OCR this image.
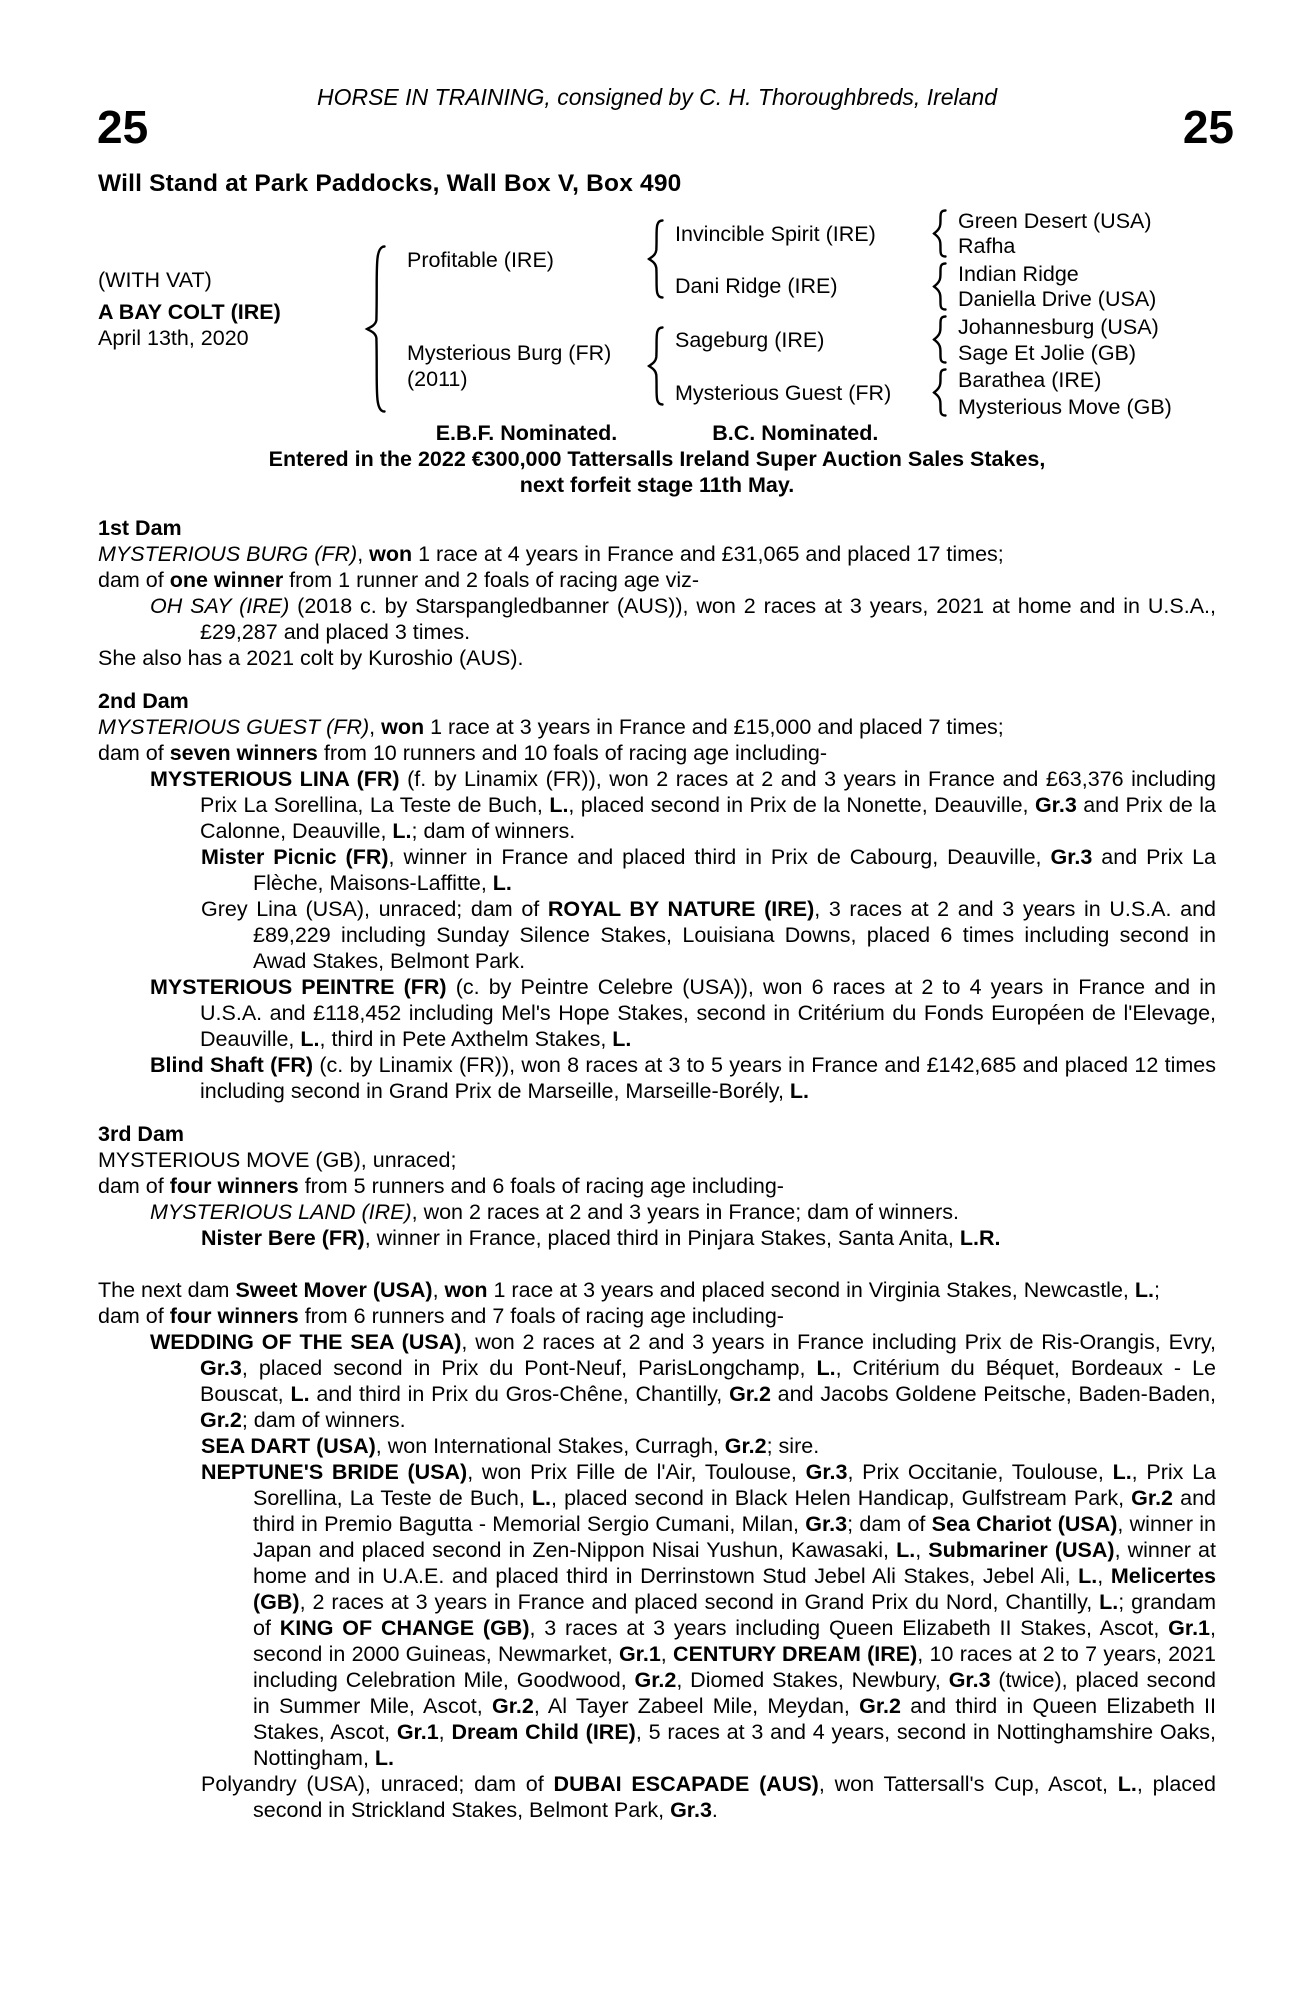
HORSE IN TRAINING, consigned by C. H. Thoroughbreds, Ireland
25	25
Will Stand at Park Paddocks, Wall Box V, Box 490
(WITH VAT)
A BAY COLT (IRE)
April 13th, 2020
Profitable (IRE)
Mysterious Burg (FR)
(2011)
Invincible Spirit (IRE)
Dani Ridge (IRE)
Sageburg (IRE)
Mysterious Guest (FR)
Green Desert (USA)
Rafha
Indian Ridge
Daniella Drive (USA)
Johannesburg (USA)
Sage Et Jolie (GB)
Barathea (IRE)
Mysterious Move (GB)
E.B.F. Nominated.	B.C. Nominated.
Entered in the 2022 €300,000 Tattersalls Ireland Super Auction Sales Stakes,
next forfeit stage 11th May.
1st Dam

MYSTERIOUS BURG (FR), won 1 race at 4 years in France and £31,065 and placed 17 times;

dam of one winner from 1 runner and 2 foals of racing age viz-

OH SAY (IRE) (2018 c. by Starspangledbanner (AUS)), won 2 races at 3 years, 2021 at home and in U.S.A., £29,287 and placed 3 times.

She also has a 2021 colt by Kuroshio (AUS).

2nd Dam

MYSTERIOUS GUEST (FR), won 1 race at 3 years in France and £15,000 and placed 7 times;

dam of seven winners from 10 runners and 10 foals of racing age including-

MYSTERIOUS LINA (FR) (f. by Linamix (FR)), won 2 races at 2 and 3 years in France and £63,376 including Prix La Sorellina, La Teste de Buch, L., placed second in Prix de la Nonette, Deauville, Gr.3 and Prix de la Calonne, Deauville, L.; dam of winners.

Mister Picnic (FR), winner in France and placed third in Prix de Cabourg, Deauville, Gr.3 and Prix La Flèche, Maisons-Laffitte, L.

Grey Lina (USA), unraced; dam of ROYAL BY NATURE (IRE), 3 races at 2 and 3 years in U.S.A. and £89,229 including Sunday Silence Stakes, Louisiana Downs, placed 6 times including second in Awad Stakes, Belmont Park.

MYSTERIOUS PEINTRE (FR) (c. by Peintre Celebre (USA)), won 6 races at 2 to 4 years in France and in U.S.A. and £118,452 including Mel's Hope Stakes, second in Critérium du Fonds Européen de l'Elevage, Deauville, L., third in Pete Axthelm Stakes, L.

Blind Shaft (FR) (c. by Linamix (FR)), won 8 races at 3 to 5 years in France and £142,685 and placed 12 times including second in Grand Prix de Marseille, Marseille-Borély, L.

3rd Dam

MYSTERIOUS MOVE (GB), unraced;

dam of four winners from 5 runners and 6 foals of racing age including-

MYSTERIOUS LAND (IRE), won 2 races at 2 and 3 years in France; dam of winners.

Nister Bere (FR), winner in France, placed third in Pinjara Stakes, Santa Anita, L.R.

The next dam Sweet Mover (USA), won 1 race at 3 years and placed second in Virginia Stakes, Newcastle, L.;

dam of four winners from 6 runners and 7 foals of racing age including-

WEDDING OF THE SEA (USA), won 2 races at 2 and 3 years in France including Prix de Ris-Orangis, Evry, Gr.3, placed second in Prix du Pont-Neuf, ParisLongchamp, L., Critérium du Béquet, Bordeaux - Le Bouscat, L. and third in Prix du Gros-Chêne, Chantilly, Gr.2 and Jacobs Goldene Peitsche, Baden-Baden, Gr.2; dam of winners.

SEA DART (USA), won International Stakes, Curragh, Gr.2; sire.

NEPTUNE'S BRIDE (USA), won Prix Fille de l'Air, Toulouse, Gr.3, Prix Occitanie, Toulouse, L., Prix La Sorellina, La Teste de Buch, L., placed second in Black Helen Handicap, Gulfstream Park, Gr.2 and third in Premio Bagutta - Memorial Sergio Cumani, Milan, Gr.3; dam of Sea Chariot (USA), winner in Japan and placed second in Zen-Nippon Nisai Yushun, Kawasaki, L., Submariner (USA), winner at home and in U.A.E. and placed third in Derrinstown Stud Jebel Ali Stakes, Jebel Ali, L., Melicertes (GB), 2 races at 3 years in France and placed second in Grand Prix du Nord, Chantilly, L.; grandam of KING OF CHANGE (GB), 3 races at 3 years including Queen Elizabeth II Stakes, Ascot, Gr.1, second in 2000 Guineas, Newmarket, Gr.1, CENTURY DREAM (IRE), 10 races at 2 to 7 years, 2021 including Celebration Mile, Goodwood, Gr.2, Diomed Stakes, Newbury, Gr.3 (twice), placed second in Summer Mile, Ascot, Gr.2, Al Tayer Zabeel Mile, Meydan, Gr.2 and third in Queen Elizabeth II Stakes, Ascot, Gr.1, Dream Child (IRE), 5 races at 3 and 4 years, second in Nottinghamshire Oaks, Nottingham, L.

Polyandry (USA), unraced; dam of DUBAI ESCAPADE (AUS), won Tattersall's Cup, Ascot, L., placed second in Strickland Stakes, Belmont Park, Gr.3.
